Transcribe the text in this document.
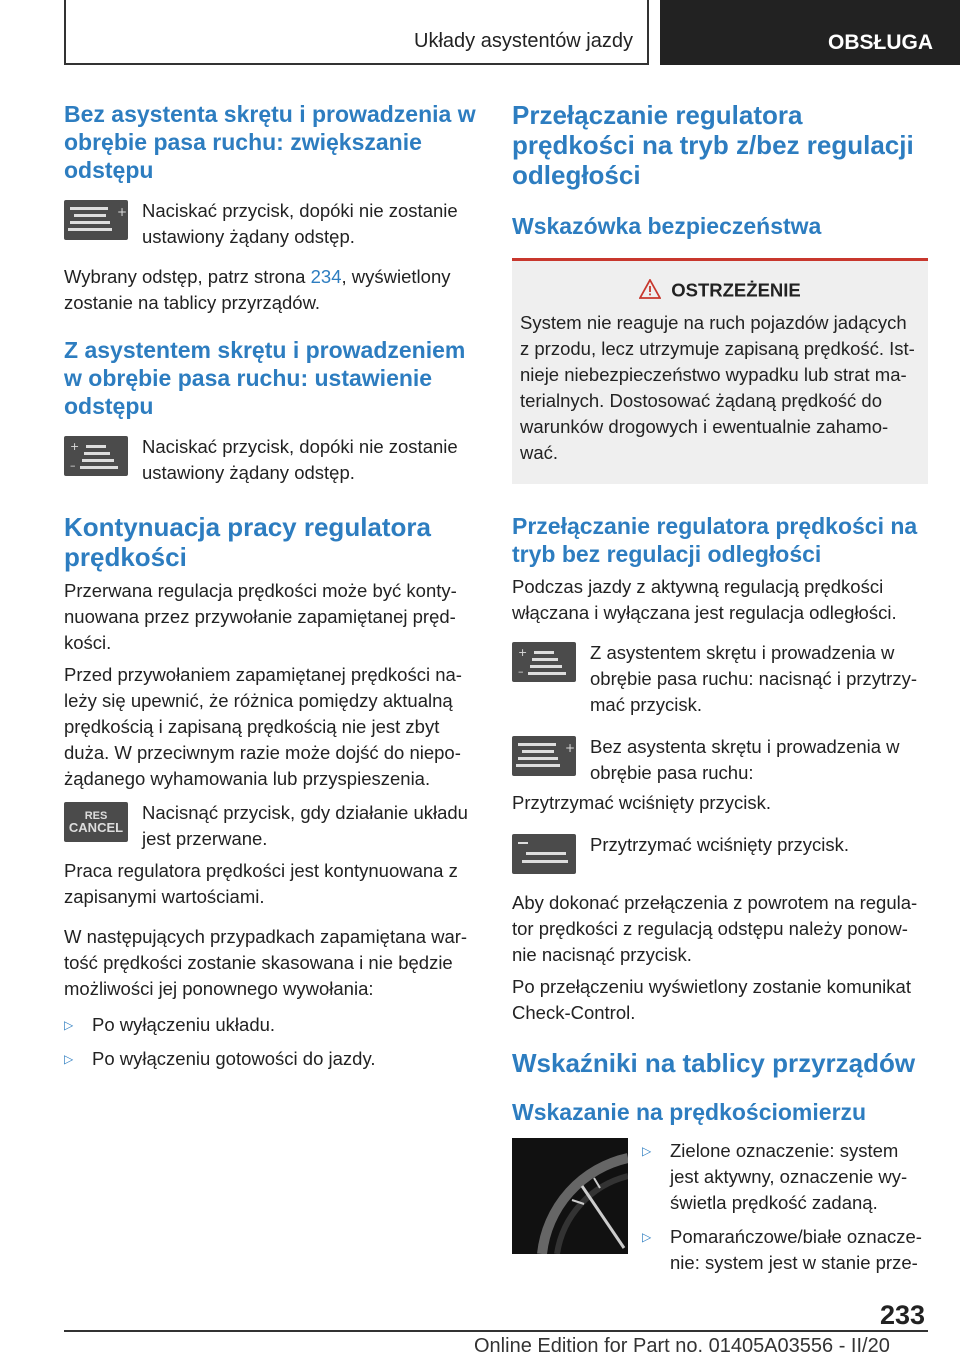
Układy asystentów jazdy	OBSŁUGA
Bez asystenta skrętu i prowadzenia w obrębie pasa ruchu: zwiększanie odstępu
+ Naciskać przycisk, dopóki nie zostanie ustawiony żądany odstęp.

Wybrany odstęp, patrz strona 234, wyświetlony zostanie na tablicy przyrządów.

Z asystentem skrętu i prowadzeniem w obrębie pasa ruchu: ustawienie odstępu
+
–
Naciskać przycisk, dopóki nie zostanie ustawiony żądany odstęp.
Kontynuacja pracy regulatora prędkości

Przerwana regulacja prędkości może być konty- nuowana przez przywołanie zapamiętanej pręd- kości.

Przed przywołaniem zapamiętanej prędkości na- leży się upewnić, że różnica pomiędzy aktualną prędkością i zapisaną prędkością nie jest zbyt duża. W przeciwnym razie może dojść do niepo- żądanego wyhamowania lub przyspieszenia.

RES
CANCEL
Nacisnąć przycisk, gdy działanie układu jest przerwane.

Praca regulatora prędkości jest kontynuowana z zapisanymi wartościami.

W następujących przypadkach zapamiętana war- tość prędkości zostanie skasowana i nie będzie możliwości jej ponownego wywołania:

▷	Po wyłączeniu układu.
▷	Po wyłączeniu gotowości do jazdy.
Przełączanie regulatora prędkości na tryb z/bez regulacji odległości
Wskazówka bezpieczeństwa
OSTRZEŻENIE

System nie reaguje na ruch pojazdów jadących z przodu, lecz utrzymuje zapisaną prędkość. Ist- nieje niebezpieczeństwo wypadku lub strat ma- terialnych. Dostosować żądaną prędkość do warunków drogowych i ewentualnie zahamo- wać.

Przełączanie regulatora prędkości na tryb bez regulacji odległości

Podczas jazdy z aktywną regulacją prędkości włączana i wyłączana jest regulacja odległości.

+
–
Z asystentem skrętu i prowadzenia w obrębie pasa ruchu: nacisnąć i przytrzy- mać przycisk.
+ Bez asystenta skrętu i prowadzenia w obrębie pasa ruchu:

Przytrzymać wciśnięty przycisk.

Przytrzymać wciśnięty przycisk.

Aby dokonać przełączenia z powrotem na regula- tor prędkości z regulacją odstępu należy ponow- nie nacisnąć przycisk.

Po przełączeniu wyświetlony zostanie komunikat Check-Control.

Wskaźniki na tablicy przyrządów
Wskazanie na prędkościomierzu
▷	Zielone oznaczenie: system jest aktywny, oznaczenie wy- świetla prędkość zadaną.
▷	Pomarańczowe/białe oznacze- nie: system jest w stanie prze-
233
Online Edition for Part no. 01405A03556 - II/20
